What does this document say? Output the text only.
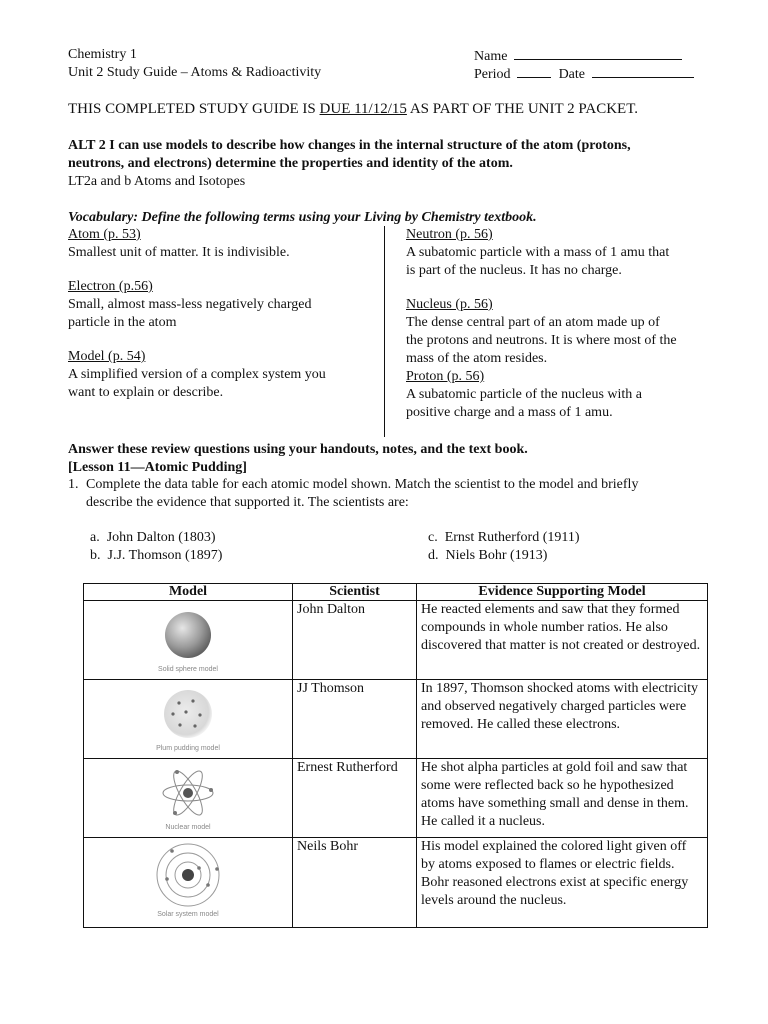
Chemistry 1
Unit 2 Study Guide – Atoms & Radioactivity
Name
Period	Date
THIS COMPLETED STUDY GUIDE IS DUE 11/12/15 AS PART OF THE UNIT 2 PACKET.
ALT 2 I can use models to describe how changes in the internal structure of the atom (protons,
neutrons, and electrons) determine the properties and identity of the atom.
LT2a and b Atoms and Isotopes
Vocabulary: Define the following terms using your Living by Chemistry textbook.
Atom (p. 53)
Smallest unit of matter. It is indivisible.
Electron (p.56)
Small, almost mass-less negatively charged
particle in the atom
Model (p. 54)
A simplified version of a complex system you
want to explain or describe.
Neutron (p. 56)
A subatomic particle with a mass of 1 amu that
is part of the nucleus. It has no charge.
Nucleus (p. 56)
The dense central part of an atom made up of
the protons and neutrons. It is where most of the
mass of the atom resides.
Proton (p. 56)
A subatomic particle of the nucleus with a
positive charge and a mass of 1 amu.
Answer these review questions using your handouts, notes, and the text book.
[Lesson 11—Atomic Pudding]
1. Complete the data table for each atomic model shown. Match the scientist to the model and briefly
describe the evidence that supported it. The scientists are:
a. John Dalton (1803)
b. J.J. Thomson (1897)
c. Ernst Rutherford (1911)
d. Niels Bohr (1913)
Model	Scientist	Evidence Supporting Model

Solid sphere model	John Dalton	He reacted elements and saw that they formed compounds in whole number ratios. He also discovered that matter is not created or destroyed.

Plum pudding model	JJ Thomson	In 1897, Thomson shocked atoms with electricity and observed negatively charged particles were removed. He called these electrons.

Nuclear model	Ernest Rutherford	He shot alpha particles at gold foil and saw that some were reflected back so he hypothesized atoms have something small and dense in them. He called it a nucleus.

Solar system model	Neils Bohr	His model explained the colored light given off by atoms exposed to flames or electric fields. Bohr reasoned electrons exist at specific energy levels around the nucleus.
